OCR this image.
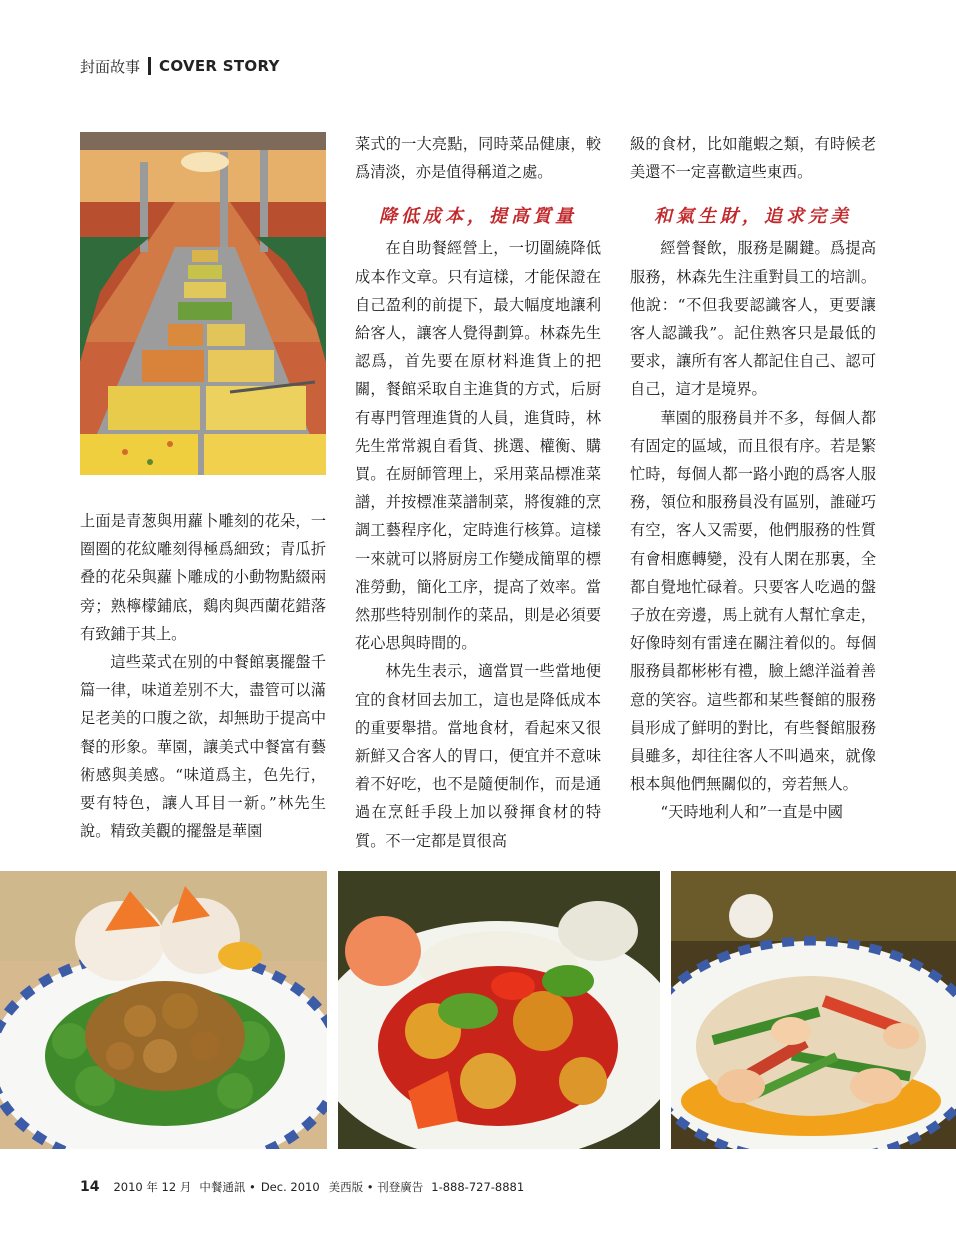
封面故事 COVER STORY

上面是青葱與用蘿卜雕刻的花朵，一圈圈的花紋雕刻得極爲細致；青瓜折叠的花朵與蘿卜雕成的小動物點綴兩旁；熟檸檬鋪底，鷄肉與西蘭花錯落有致鋪于其上。

這些菜式在别的中餐館裏擺盤千篇一律，味道差别不大，盡管可以滿足老美的口腹之欲，却無助于提高中餐的形象。華園，讓美式中餐富有藝術感與美感。“味道爲主，色先行，要有特色，讓人耳目一新。”林先生說。精致美觀的擺盤是華園

菜式的一大亮點，同時菜品健康，較爲清淡，亦是值得稱道之處。

降低成本，提高質量

在自助餐經營上，一切圍繞降低成本作文章。只有這樣，才能保證在自己盈利的前提下，最大幅度地讓利給客人，讓客人覺得劃算。林森先生認爲，首先要在原材料進貨上的把關，餐館采取自主進貨的方式，后厨有專門管理進貨的人員，進貨時，林先生常常親自看貨、挑選、權衡、購買。在厨師管理上，采用菜品標准菜譜，并按標准菜譜制菜，將復雜的烹調工藝程序化，定時進行核算。這樣一來就可以將厨房工作變成簡單的標准勞動，簡化工序，提高了效率。當然那些特别制作的菜品，則是必須要花心思與時間的。

林先生表示，適當買一些當地便宜的食材回去加工，這也是降低成本的重要舉措。當地食材，看起來又很新鮮又合客人的胃口，便宜并不意味着不好吃，也不是隨便制作，而是通過在烹飪手段上加以發揮食材的特質。不一定都是買很高

級的食材，比如龍蝦之類，有時候老美還不一定喜歡這些東西。

和氣生財，追求完美

經營餐飲，服務是關鍵。爲提高服務，林森先生注重對員工的培訓。他說：“不但我要認識客人，更要讓客人認識我”。記住熟客只是最低的要求，讓所有客人都記住自己、認可自己，這才是境界。

華園的服務員并不多，每個人都有固定的區域，而且很有序。若是繁忙時，每個人都一路小跑的爲客人服務，領位和服務員没有區别，誰碰巧有空，客人又需要，他們服務的性質有會相應轉變，没有人閑在那裏，全都自覺地忙碌着。只要客人吃過的盤子放在旁邊，馬上就有人幫忙拿走，好像時刻有雷達在關注着似的。每個服務員都彬彬有禮，臉上總洋溢着善意的笑容。這些都和某些餐館的服務員形成了鮮明的對比，有些餐館服務員雖多，却往往客人不叫過來，就像根本與他們無關似的，旁若無人。

“天時地利人和”一直是中國

14 2010 年 12 月 中餐通訊 • Dec. 2010 美西版 • 刊登廣告 1-888-727-8881
